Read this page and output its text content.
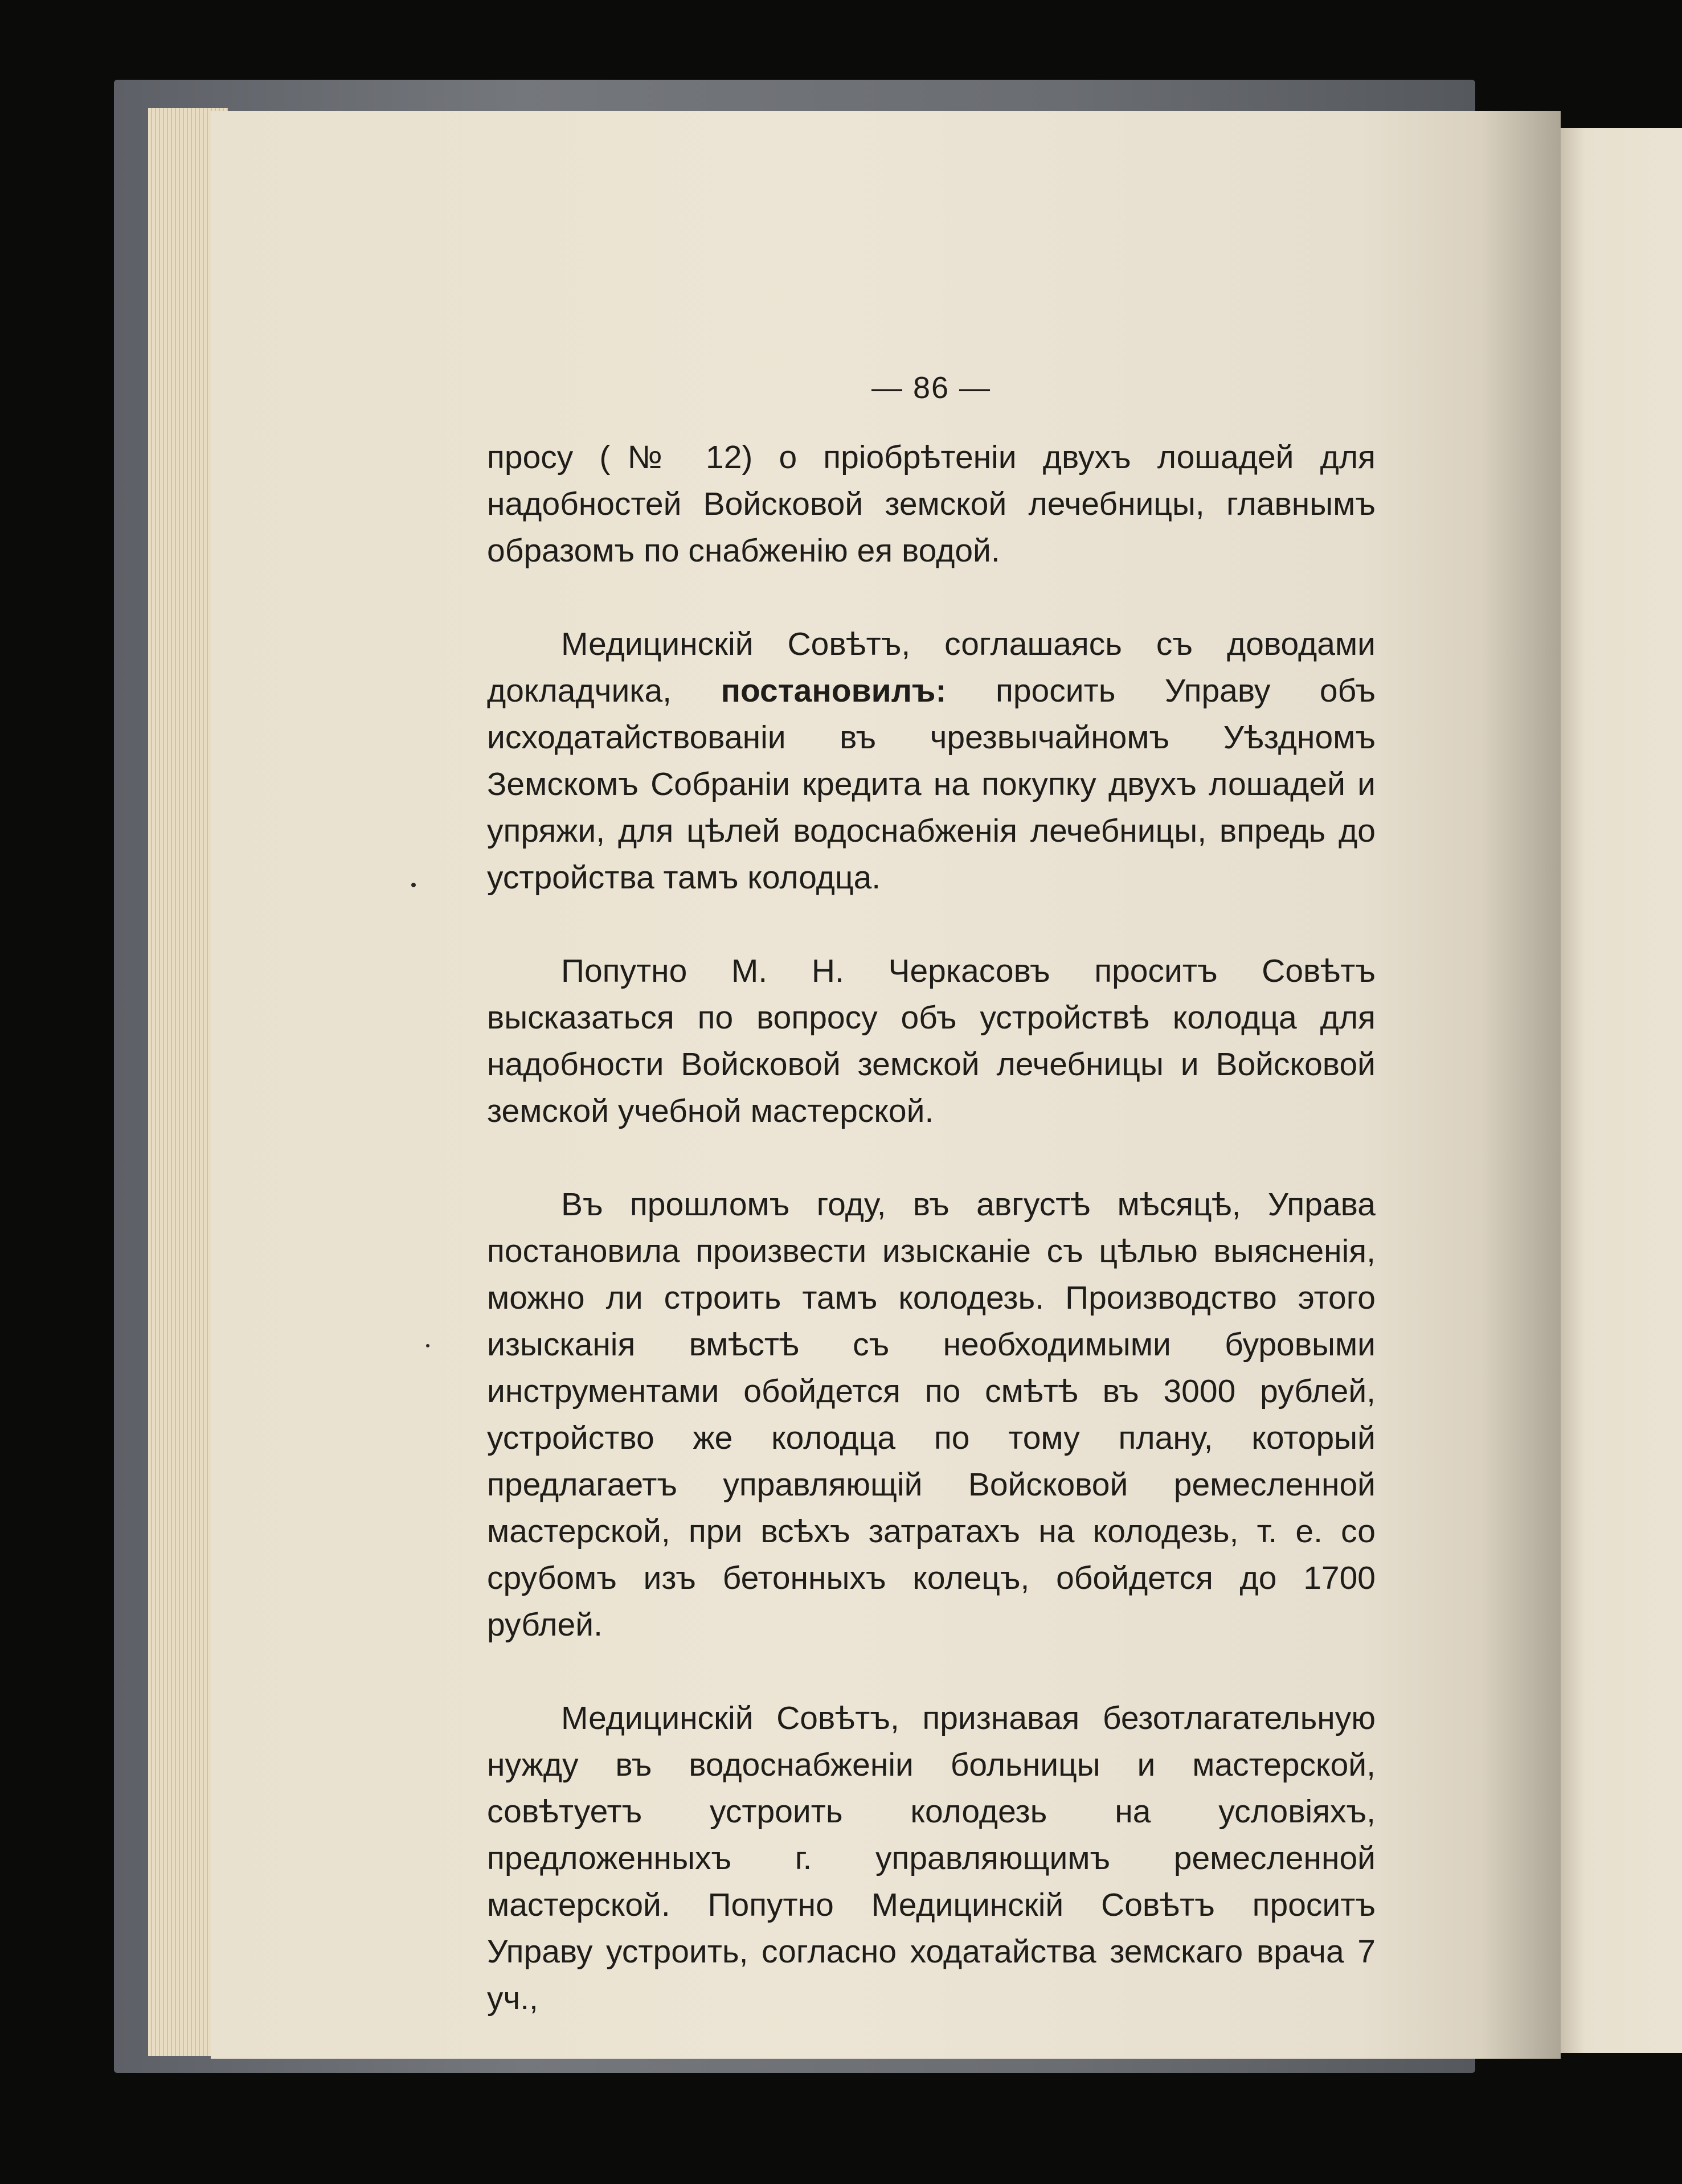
— 86 —

просу (№ 12) о пріобрѣтеніи двухъ лошадей для надобностей Войсковой земской лечебницы, главнымъ образомъ по снабженію ея водой.

Медицинскій Совѣтъ, соглашаясь съ доводами докладчика, постановилъ: просить Управу объ исходатайствованіи въ чрезвычайномъ Уѣздномъ Земскомъ Собраніи кредита на покупку двухъ лошадей и упряжи, для цѣлей водоснабженія лечебницы, впредь до устройства тамъ колодца.

Попутно М. Н. Черкасовъ проситъ Совѣтъ высказаться по вопросу объ устройствѣ колодца для надобности Войсковой земской лечебницы и Войсковой земской учебной мастерской.

Въ прошломъ году, въ августѣ мѣсяцѣ, Управа постановила произвести изысканіе съ цѣлью выясненія, можно ли строить тамъ колодезь. Производство этого изысканія вмѣстѣ съ необходимыми буровыми инструментами обойдется по смѣтѣ въ 3000 рублей, устройство же колодца по тому плану, который предлагаетъ управляющій Войсковой ремесленной мастерской, при всѣхъ затратахъ на колодезь, т. е. со срубомъ изъ бетонныхъ колецъ, обойдется до 1700 рублей.

Медицинскій Совѣтъ, признавая безотлагательную нужду въ водоснабженіи больницы и мастерской, совѣтуетъ устроить колодезь на условіяхъ, предложенныхъ г. управляющимъ ремесленной мастерской. Попутно Медицинскій Совѣтъ проситъ Управу устроить, согласно ходатайства земскаго врача 7 уч.,
